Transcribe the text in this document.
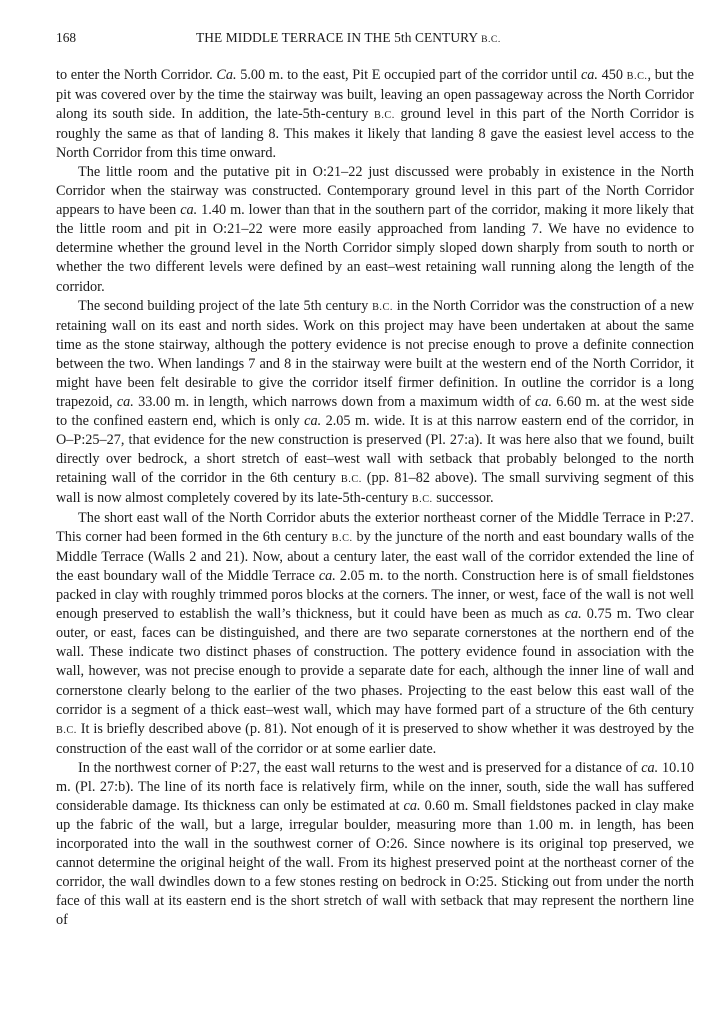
168	THE MIDDLE TERRACE IN THE 5th CENTURY B.C.

to enter the North Corridor. Ca. 5.00 m. to the east, Pit E occupied part of the corridor until ca. 450 B.C., but the pit was covered over by the time the stairway was built, leaving an open passageway across the North Corridor along its south side. In addition, the late-5th-century B.C. ground level in this part of the North Corridor is roughly the same as that of landing 8. This makes it likely that landing 8 gave the easiest level access to the North Corridor from this time onward.

The little room and the putative pit in O:21–22 just discussed were probably in existence in the North Corridor when the stairway was constructed. Contemporary ground level in this part of the North Corridor appears to have been ca. 1.40 m. lower than that in the southern part of the corridor, making it more likely that the little room and pit in O:21–22 were more easily approached from landing 7. We have no evidence to determine whether the ground level in the North Corridor simply sloped down sharply from south to north or whether the two different levels were defined by an east–west retaining wall running along the length of the corridor.

The second building project of the late 5th century B.C. in the North Corridor was the construction of a new retaining wall on its east and north sides. Work on this project may have been undertaken at about the same time as the stone stairway, although the pottery evidence is not precise enough to prove a definite connection between the two. When landings 7 and 8 in the stairway were built at the western end of the North Corridor, it might have been felt desirable to give the corridor itself firmer definition. In outline the corridor is a long trapezoid, ca. 33.00 m. in length, which narrows down from a maximum width of ca. 6.60 m. at the west side to the confined eastern end, which is only ca. 2.05 m. wide. It is at this narrow eastern end of the corridor, in O–P:25–27, that evidence for the new construction is preserved (Pl. 27:a). It was here also that we found, built directly over bedrock, a short stretch of east–west wall with setback that probably belonged to the north retaining wall of the corridor in the 6th century B.C. (pp. 81–82 above). The small surviving segment of this wall is now almost completely covered by its late-5th-century B.C. successor.

The short east wall of the North Corridor abuts the exterior northeast corner of the Middle Terrace in P:27. This corner had been formed in the 6th century B.C. by the juncture of the north and east boundary walls of the Middle Terrace (Walls 2 and 21). Now, about a century later, the east wall of the corridor extended the line of the east boundary wall of the Middle Terrace ca. 2.05 m. to the north. Construction here is of small fieldstones packed in clay with roughly trimmed poros blocks at the corners. The inner, or west, face of the wall is not well enough preserved to establish the wall’s thickness, but it could have been as much as ca. 0.75 m. Two clear outer, or east, faces can be distinguished, and there are two separate cornerstones at the northern end of the wall. These indicate two distinct phases of construction. The pottery evidence found in association with the wall, however, was not precise enough to provide a separate date for each, although the inner line of wall and cornerstone clearly belong to the earlier of the two phases. Projecting to the east below this east wall of the corridor is a segment of a thick east–west wall, which may have formed part of a structure of the 6th century B.C. It is briefly described above (p. 81). Not enough of it is preserved to show whether it was destroyed by the construction of the east wall of the corridor or at some earlier date.

In the northwest corner of P:27, the east wall returns to the west and is preserved for a distance of ca. 10.10 m. (Pl. 27:b). The line of its north face is relatively firm, while on the inner, south, side the wall has suffered considerable damage. Its thickness can only be estimated at ca. 0.60 m. Small fieldstones packed in clay make up the fabric of the wall, but a large, irregular boulder, measuring more than 1.00 m. in length, has been incorporated into the wall in the southwest corner of O:26. Since nowhere is its original top preserved, we cannot determine the original height of the wall. From its highest preserved point at the northeast corner of the corridor, the wall dwindles down to a few stones resting on bedrock in O:25. Sticking out from under the north face of this wall at its eastern end is the short stretch of wall with setback that may represent the northern line of
